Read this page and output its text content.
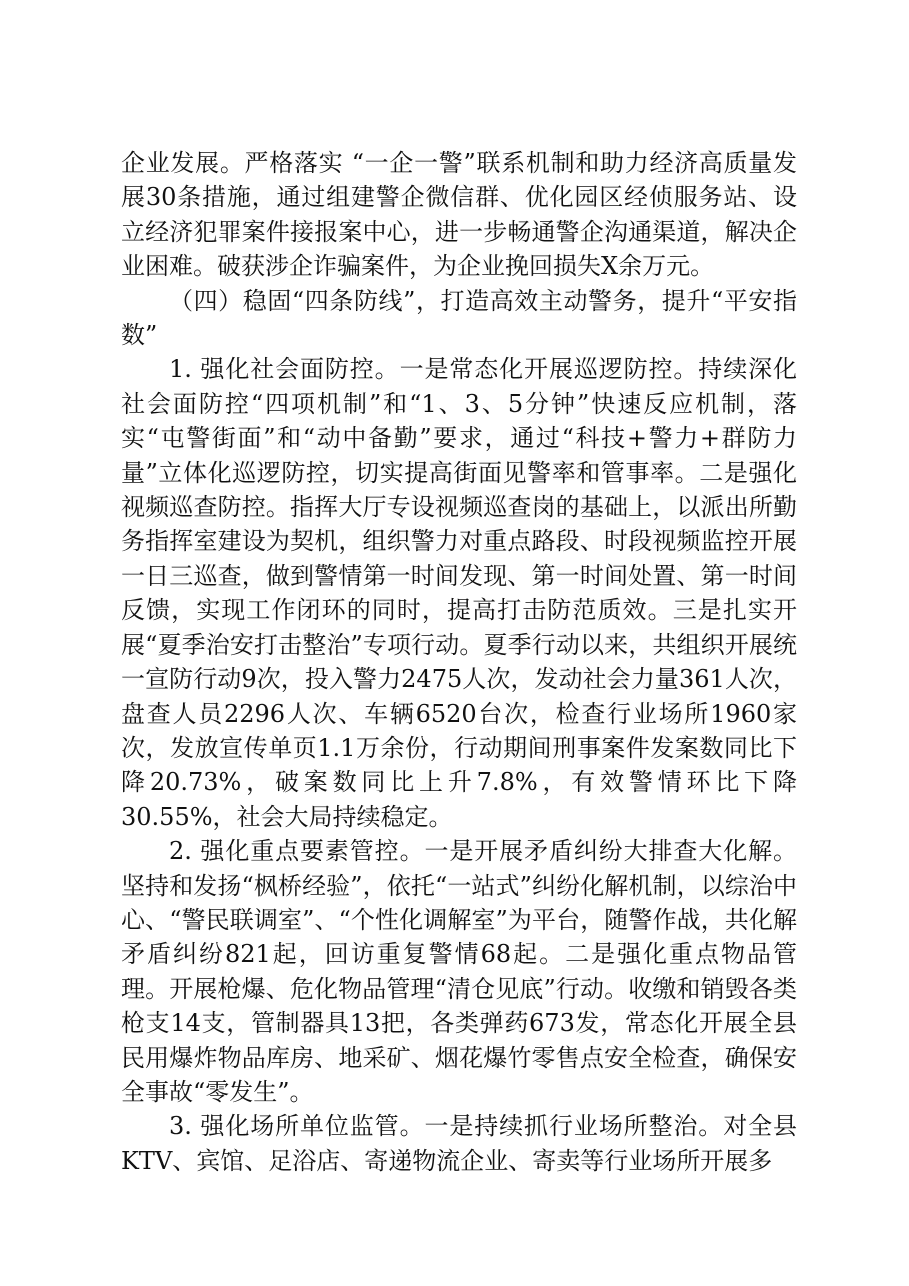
企业发展。严格落实 “一企一警”联系机制和助力经济高质量发展30条措施，通过组建警企微信群、优化园区经侦服务站、设立经济犯罪案件接报案中心，进一步畅通警企沟通渠道，解决企业困难。破获涉企诈骗案件，为企业挽回损失X余万元。

（四）稳固“四条防线”，打造高效主动警务，提升“平安指数”

1. 强化社会面防控。一是常态化开展巡逻防控。持续深化社会面防控“四项机制”和“1、3、5分钟”快速反应机制，落实“屯警街面”和“动中备勤”要求，通过“科技+警力+群防力量”立体化巡逻防控，切实提高街面见警率和管事率。二是强化视频巡查防控。指挥大厅专设视频巡查岗的基础上，以派出所勤务指挥室建设为契机，组织警力对重点路段、时段视频监控开展一日三巡查，做到警情第一时间发现、第一时间处置、第一时间反馈，实现工作闭环的同时，提高打击防范质效。三是扎实开展“夏季治安打击整治”专项行动。夏季行动以来，共组织开展统一宣防行动9次，投入警力2475人次，发动社会力量361人次，盘查人员2296人次、车辆6520台次，检查行业场所1960家次，发放宣传单页1.1万余份，行动期间刑事案件发案数同比下降20.73%，破案数同比上升7.8%，有效警情环比下降30.55%，社会大局持续稳定。

2. 强化重点要素管控。一是开展矛盾纠纷大排查大化解。坚持和发扬“枫桥经验”，依托“一站式”纠纷化解机制，以综治中心、“警民联调室”、“个性化调解室”为平台，随警作战，共化解矛盾纠纷821起，回访重复警情68起。二是强化重点物品管理。开展枪爆、危化物品管理“清仓见底”行动。收缴和销毁各类枪支14支，管制器具13把，各类弹药673发，常态化开展全县民用爆炸物品库房、地采矿、烟花爆竹零售点安全检查，确保安全事故“零发生”。

3. 强化场所单位监管。一是持续抓行业场所整治。对全县KTV、宾馆、足浴店、寄递物流企业、寄卖等行业场所开展多
